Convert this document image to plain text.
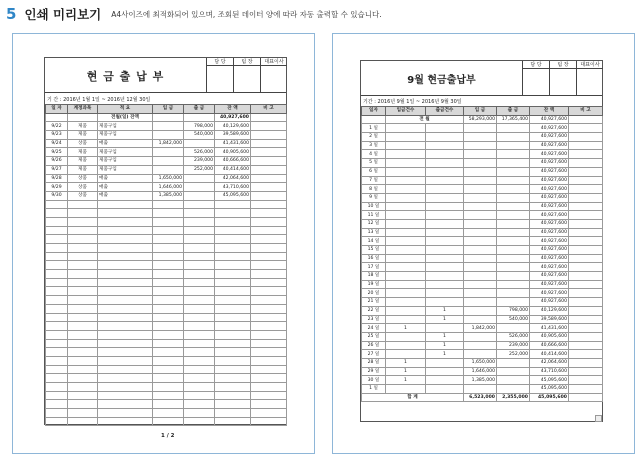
5 인쇄 미리보기 A4사이즈에 최적화되어 있으며, 조회된 데이터 양에 따라 자동 출력할 수 있습니다.
현 금 출 납 부
담 당	팀 장	대표이사
기 간 : 2016년 1월 1일 ~ 2016년 12월 30일
일 자	계정과목	적 요	입 금	출 금	잔 액	비 고
		전월(일) 잔액			40,927,600	
9/22	제품	제품구입		798,000	40,129,600	
9/23	제품	제품구입		540,000	39,589,600	
9/24	상품	매출	1,842,000		41,431,600	
9/25	제품	제품구입		526,000	40,905,600	
9/26	제품	제품구입		239,000	40,666,600	
9/27	제품	제품구입		252,000	40,414,600	
9/28	상품	매출	1,650,000		42,064,600	
9/29	상품	매출	1,646,000		43,710,600	
9/30	상품	매출	1,385,000		45,095,600	

1 / 2
9월 현금출납부
담 당	팀 장	대표이사
기간 : 2016년 9월 1일 ~ 2016년 9월 30일
일자	입금건수	출금건수	입 금	출 금	잔 액	비 고
	전 월		58,293,000	17,365,400	40,927,600	
1 일					40,927,600	
2 일					40,927,600	
3 일					40,927,600	
4 일					40,927,600	
5 일					40,927,600	
6 일					40,927,600	
7 일					40,927,600	
8 일					40,927,600	
9 일					40,927,600	
10 일					40,927,600	
11 일					40,927,600	
12 일					40,927,600	
13 일					40,927,600	
14 일					40,927,600	
15 일					40,927,600	
16 일					40,927,600	
17 일					40,927,600	
18 일					40,927,600	
19 일					40,927,600	
20 일					40,927,600	
21 일					40,927,600	
22 일		1		798,000	40,129,600	
23 일		1		540,000	39,589,600	
24 일	1		1,842,000		41,431,600	
25 일		1		526,000	40,905,600	
26 일		1		239,000	40,666,600	
27 일		1		252,000	40,414,600	
28 일	1		1,650,000		42,064,600	
29 일	1		1,646,000		43,710,600	
30 일	1		1,385,000		45,095,600	
1 일					45,095,600	
합 계			6,523,000	2,355,000	45,095,600	
